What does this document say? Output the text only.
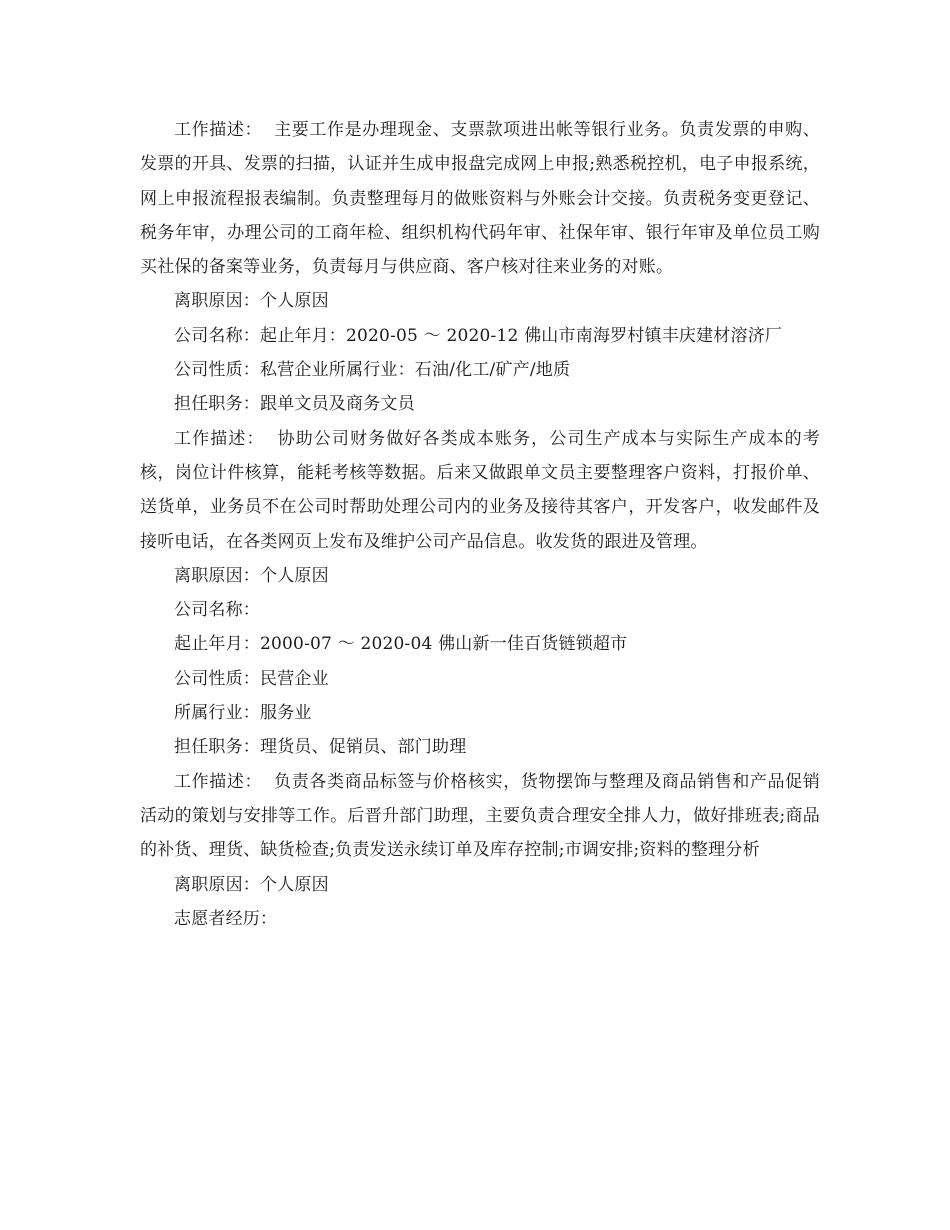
工作描述：  主要工作是办理现金、支票款项进出帐等银行业务。负责发票的申购、发票的开具、发票的扫描，认证并生成申报盘完成网上申报;熟悉税控机，电子申报系统，网上申报流程报表编制。负责整理每月的做账资料与外账会计交接。负责税务变更登记、税务年审，办理公司的工商年检、组织机构代码年审、社保年审、银行年审及单位员工购买社保的备案等业务，负责每月与供应商、客户核对往来业务的对账。

离职原因：个人原因

公司名称：起止年月：2020-05 ～ 2020-12 佛山市南海罗村镇丰庆建材溶济厂

公司性质：私营企业所属行业：石油/化工/矿产/地质

担任职务：跟单文员及商务文员

工作描述：  协助公司财务做好各类成本账务，公司生产成本与实际生产成本的考核，岗位计件核算，能耗考核等数据。后来又做跟单文员主要整理客户资料，打报价单、送货单，业务员不在公司时帮助处理公司内的业务及接待其客户，开发客户，收发邮件及接听电话，在各类网页上发布及维护公司产品信息。收发货的跟进及管理。

离职原因：个人原因

公司名称：

起止年月：2000-07 ～ 2020-04 佛山新一佳百货链锁超市

公司性质：民营企业

所属行业：服务业

担任职务：理货员、促销员、部门助理

工作描述：  负责各类商品标签与价格核实，货物摆饰与整理及商品销售和产品促销活动的策划与安排等工作。后晋升部门助理，主要负责合理安全排人力，做好排班表;商品的补货、理货、缺货检查;负责发送永续订单及库存控制;市调安排;资料的整理分析

离职原因：个人原因

志愿者经历：
